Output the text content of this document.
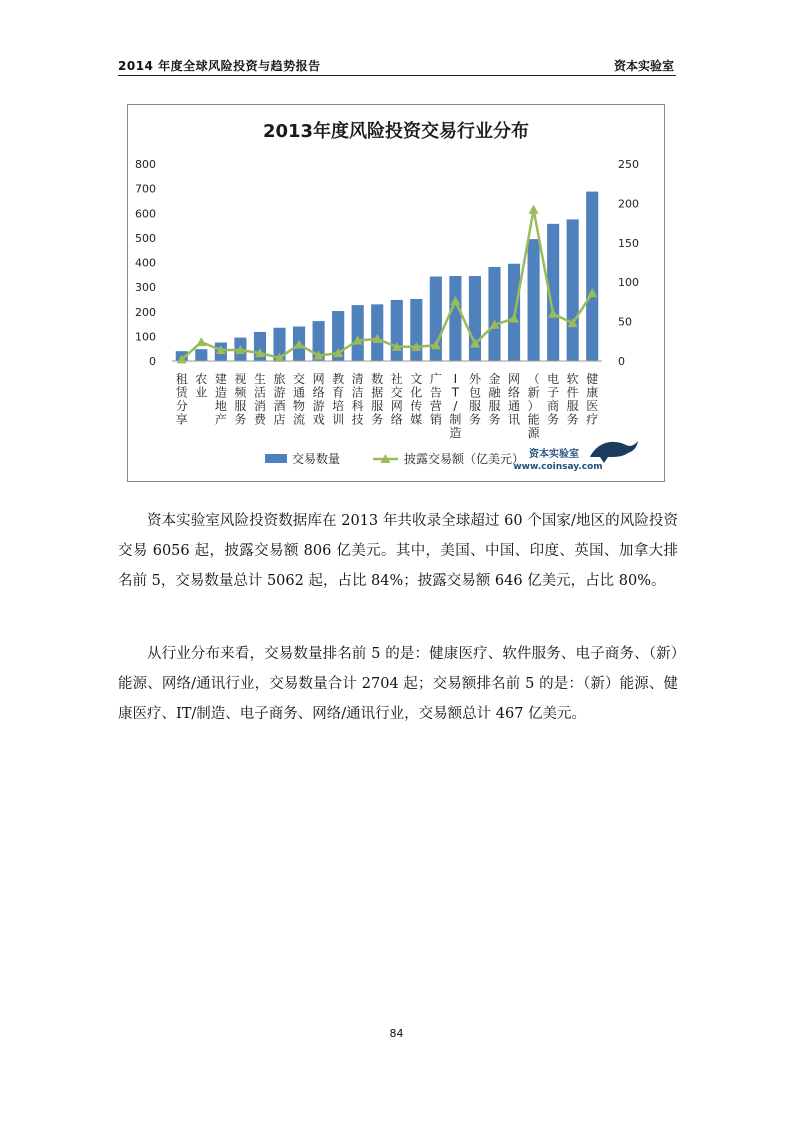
2014 年度全球风险投资与趋势报告	资本实验室
2013年度风险投资交易行业分布
0
100
200
300
400
500
600
700
800
0
50
100
150
200
250
租赁分享
农业
建造地产
视频服务
生活消费
旅游酒店
交通物流
网络游戏
教育培训
清洁科技
数据服务
社交网络
文化传媒
广告营销
I T /制造
外包服务
金融服务
网络通讯
（新）能源
电子商务
软件服务
健康医疗
交易数量	披露交易额（亿美元） 资本实验室
www.coinsay.com

资本实验室风险投资数据库在 2013 年共收录全球超过 60 个国家/地区的风险投资交易 6056 起，披露交易额 806 亿美元。其中，美国、中国、印度、英国、加拿大排名前 5，交易数量总计 5062 起，占比 84%；披露交易额 646 亿美元，占比 80%。

从行业分布来看，交易数量排名前 5 的是：健康医疗、软件服务、电子商务、（新）能源、网络/通讯行业，交易数量合计 2704 起；交易额排名前 5 的是：（新）能源、健康医疗、IT/制造、电子商务、网络/通讯行业，交易额总计 467 亿美元。

84
